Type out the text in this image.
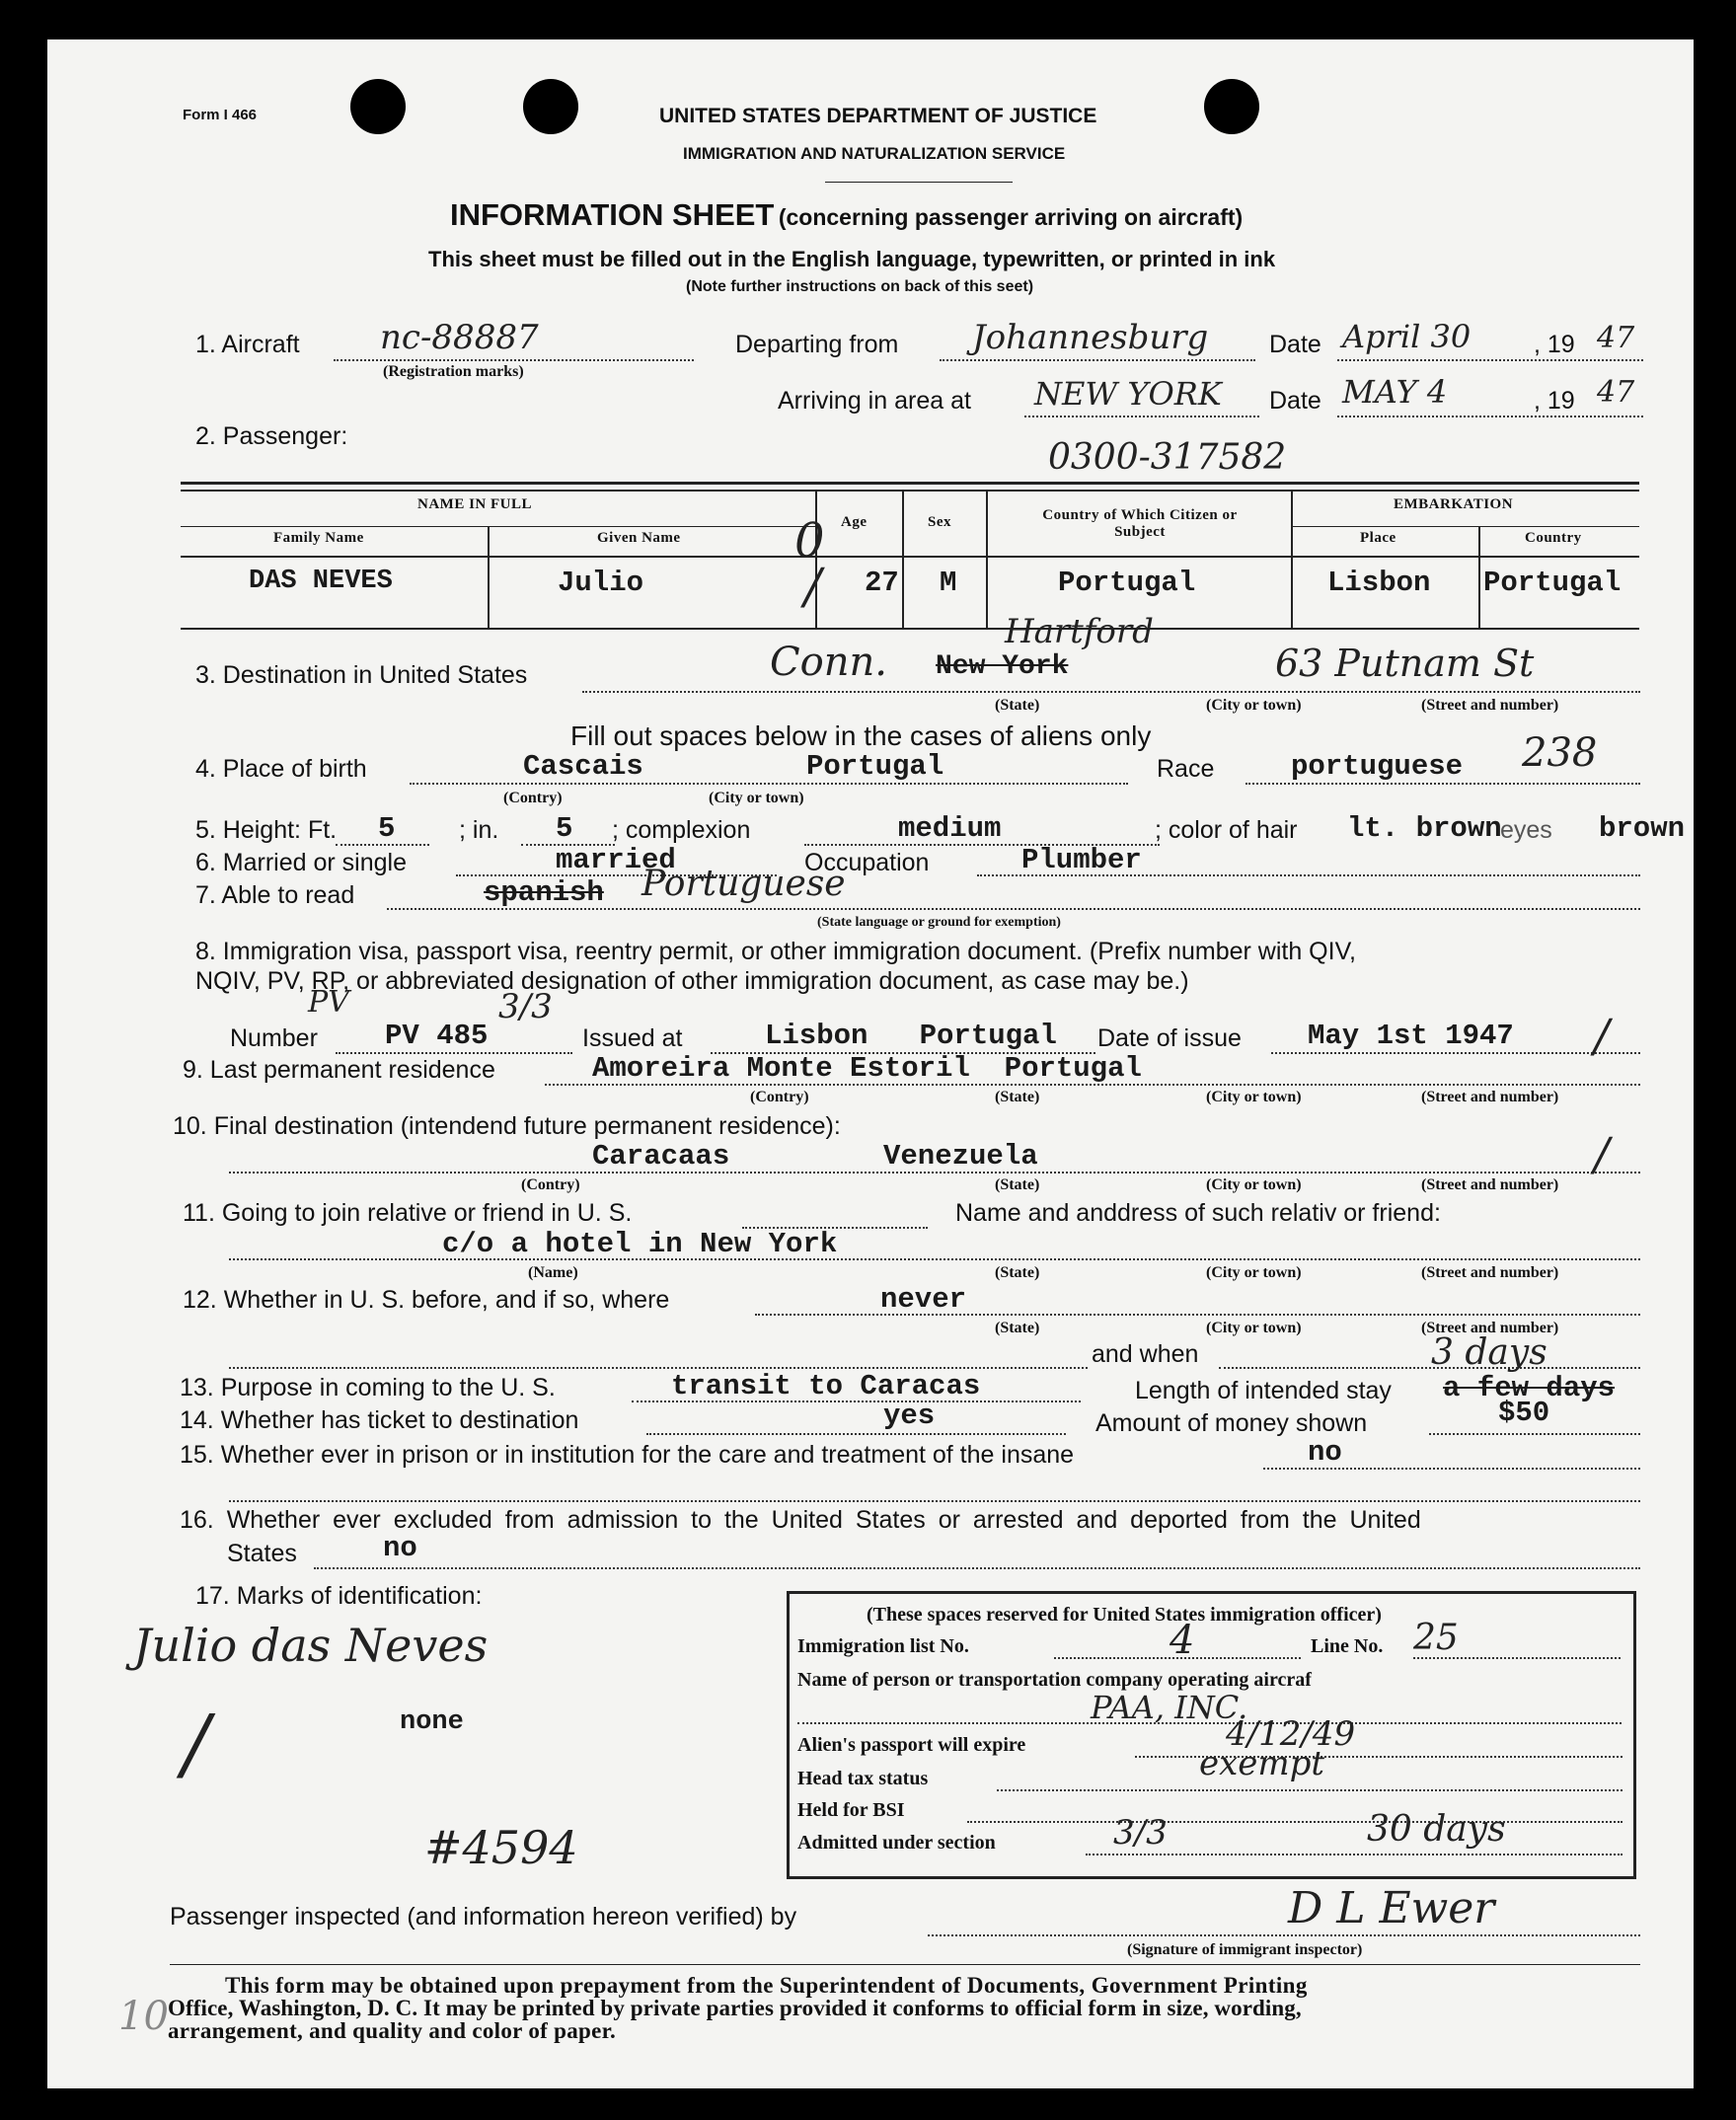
Form I 466	UNITED STATES DEPARTMENT OF JUSTICE
IMMIGRATION AND NATURALIZATION SERVICE
INFORMATION SHEET (concerning passenger arriving on aircraft)
This sheet must be filled out in the English language, typewritten, or printed in ink
(Note further instructions on back of this seet)
1. Aircraft nc-88887
(Registration marks)
Departing from Johannesburg Date April 30	, 19 47
Arriving in area at NEW YORK Date MAY 4	, 19 47
2. Passenger:
0300-317582
NAME IN FULL
Family Name	Given Name
Age	Sex	Country of Which Citizen or Subject
EMBARKATION
Place	Country
DAS NEVES	Julio	27 M	Portugal	Lisbon Portugal
0
/
3. Destination in United States	Conn. New York
Hartford
63 Putnam St
(State)	(City or town)	(Street and number)
Fill out spaces below in the cases of aliens only
4. Place of birth	Cascais	Portugal
(Contry)	(City or town)
Race	portuguese 238
5. Height: Ft. 5	; in. 5 ; complexion	medium	; color of hair lt. brown
eyes brown
6. Married or single	married	Occupation	Plumber
7. Able to read	spanish Portuguese
(State language or ground for exemption)
8. Immigration visa, passport visa, reentry permit, or other immigration document. (Prefix number with QIV,
NQIV, PV, RP, or abbreviated designation of other immigration document, as case may be.)
PV
Number PV 485
3/3
Issued at	Lisbon   Portugal Date of issue May 1st 1947 /
9. Last permanent residence	Amoreira Monte Estoril  Portugal
(Contry)	(State)	(City or town)	(Street and number)
10. Final destination (intendend future permanent residence):
Caracaas	Venezuela	/
(Contry)	(State)	(City or town)	(Street and number)
11. Going to join relative or friend in U. S.	Name and anddress of such relativ or friend:
c/o a hotel in New York
(Name)	(State)	(City or town)	(Street and number)
12. Whether in U. S. before, and if so, where	never
(State)	(City or town)	(Street and number)
and when
13. Purpose in coming to the U. S.	transit to Caracas	Length of intended stay
3 days
a few days
14. Whether has ticket to destination	yes	Amount of money shown	$50
15. Whether ever in prison or in institution for the care and treatment of the insane	no
16. Whether ever excluded from admission to the United States or arrested and deported from the United
States	no
17. Marks of identification:
Julio das Neves
/	none
#4594
(These spaces reserved for United States immigration officer)
Immigration list No.	4	Line No. 25
Name of person or transportation company operating aircraf
PAA, INC.
Alien's passport will expire	4/12/49
Head tax status	exempt
Held for BSI
Admitted under section	3/3	30 days
Passenger inspected (and information hereon verified) by	D L Ewer
(Signature of immigrant inspector)
This form may be obtained upon prepayment from the Superintendent of Documents, Government Printing
Office, Washington, D. C. It may be printed by private parties provided it conforms to official form in size, wording,
arrangement, and quality and color of paper.
10
